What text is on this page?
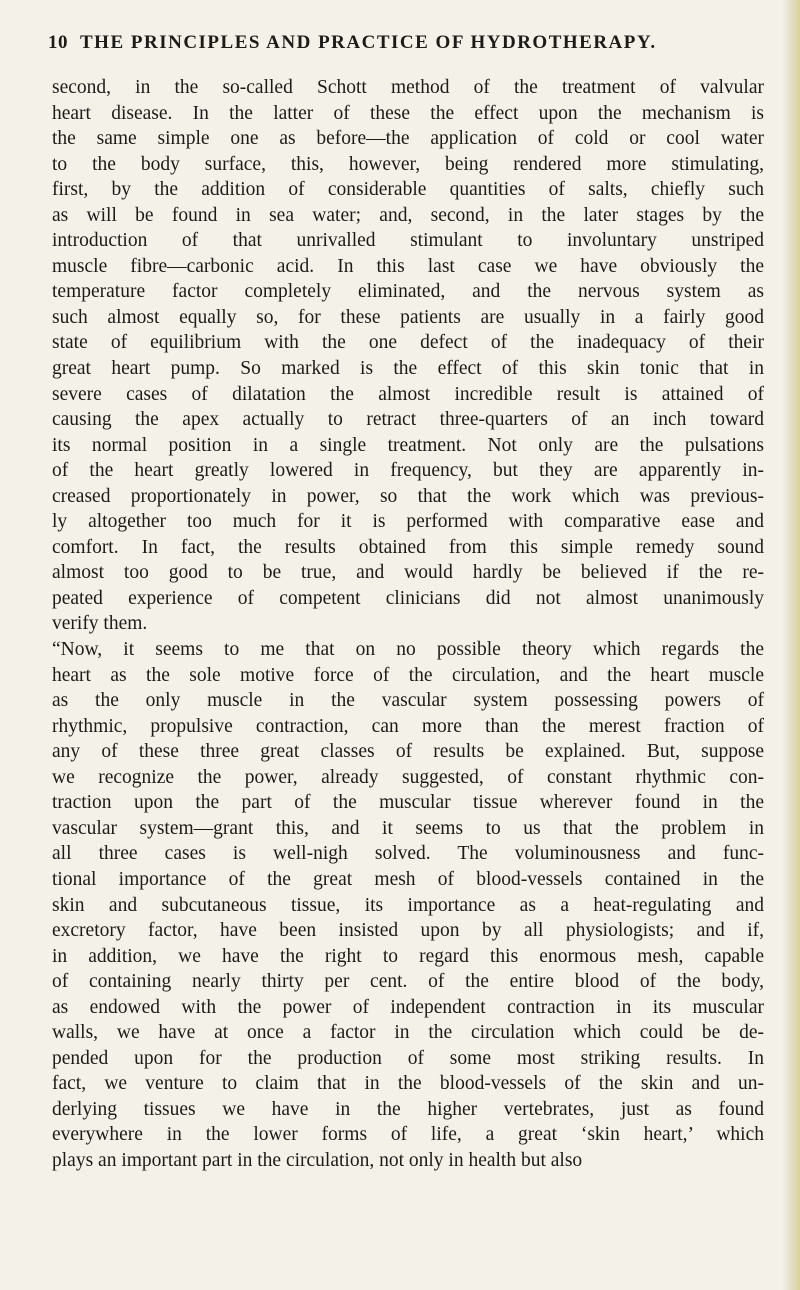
10 THE PRINCIPLES AND PRACTICE OF HYDROTHERAPY.
second, in the so-called Schott method of the treatment of valvular
heart disease. In the latter of these the effect upon the mechanism is
the same simple one as before—the application of cold or cool water
to the body surface, this, however, being rendered more stimulating,
first, by the addition of considerable quantities of salts, chiefly such
as will be found in sea water; and, second, in the later stages by the
introduction of that unrivalled stimulant to involuntary unstriped
muscle fibre—carbonic acid. In this last case we have obviously the
temperature factor completely eliminated, and the nervous system as
such almost equally so, for these patients are usually in a fairly good
state of equilibrium with the one defect of the inadequacy of their
great heart pump. So marked is the effect of this skin tonic that in
severe cases of dilatation the almost incredible result is attained of
causing the apex actually to retract three-quarters of an inch toward
its normal position in a single treatment. Not only are the pulsations
of the heart greatly lowered in frequency, but they are apparently in-
creased proportionately in power, so that the work which was previous-
ly altogether too much for it is performed with comparative ease and
comfort. In fact, the results obtained from this simple remedy sound
almost too good to be true, and would hardly be believed if the re-
peated experience of competent clinicians did not almost unanimously
verify them.
“Now, it seems to me that on no possible theory which regards the
heart as the sole motive force of the circulation, and the heart muscle
as the only muscle in the vascular system possessing powers of
rhythmic, propulsive contraction, can more than the merest fraction of
any of these three great classes of results be explained. But, suppose
we recognize the power, already suggested, of constant rhythmic con-
traction upon the part of the muscular tissue wherever found in the
vascular system—grant this, and it seems to us that the problem in
all three cases is well-nigh solved. The voluminousness and func-
tional importance of the great mesh of blood-vessels contained in the
skin and subcutaneous tissue, its importance as a heat-regulating and
excretory factor, have been insisted upon by all physiologists; and if,
in addition, we have the right to regard this enormous mesh, capable
of containing nearly thirty per cent. of the entire blood of the body,
as endowed with the power of independent contraction in its muscular
walls, we have at once a factor in the circulation which could be de-
pended upon for the production of some most striking results. In
fact, we venture to claim that in the blood-vessels of the skin and un-
derlying tissues we have in the higher vertebrates, just as found
everywhere in the lower forms of life, a great ‘skin heart,’ which
plays an important part in the circulation, not only in health but also
